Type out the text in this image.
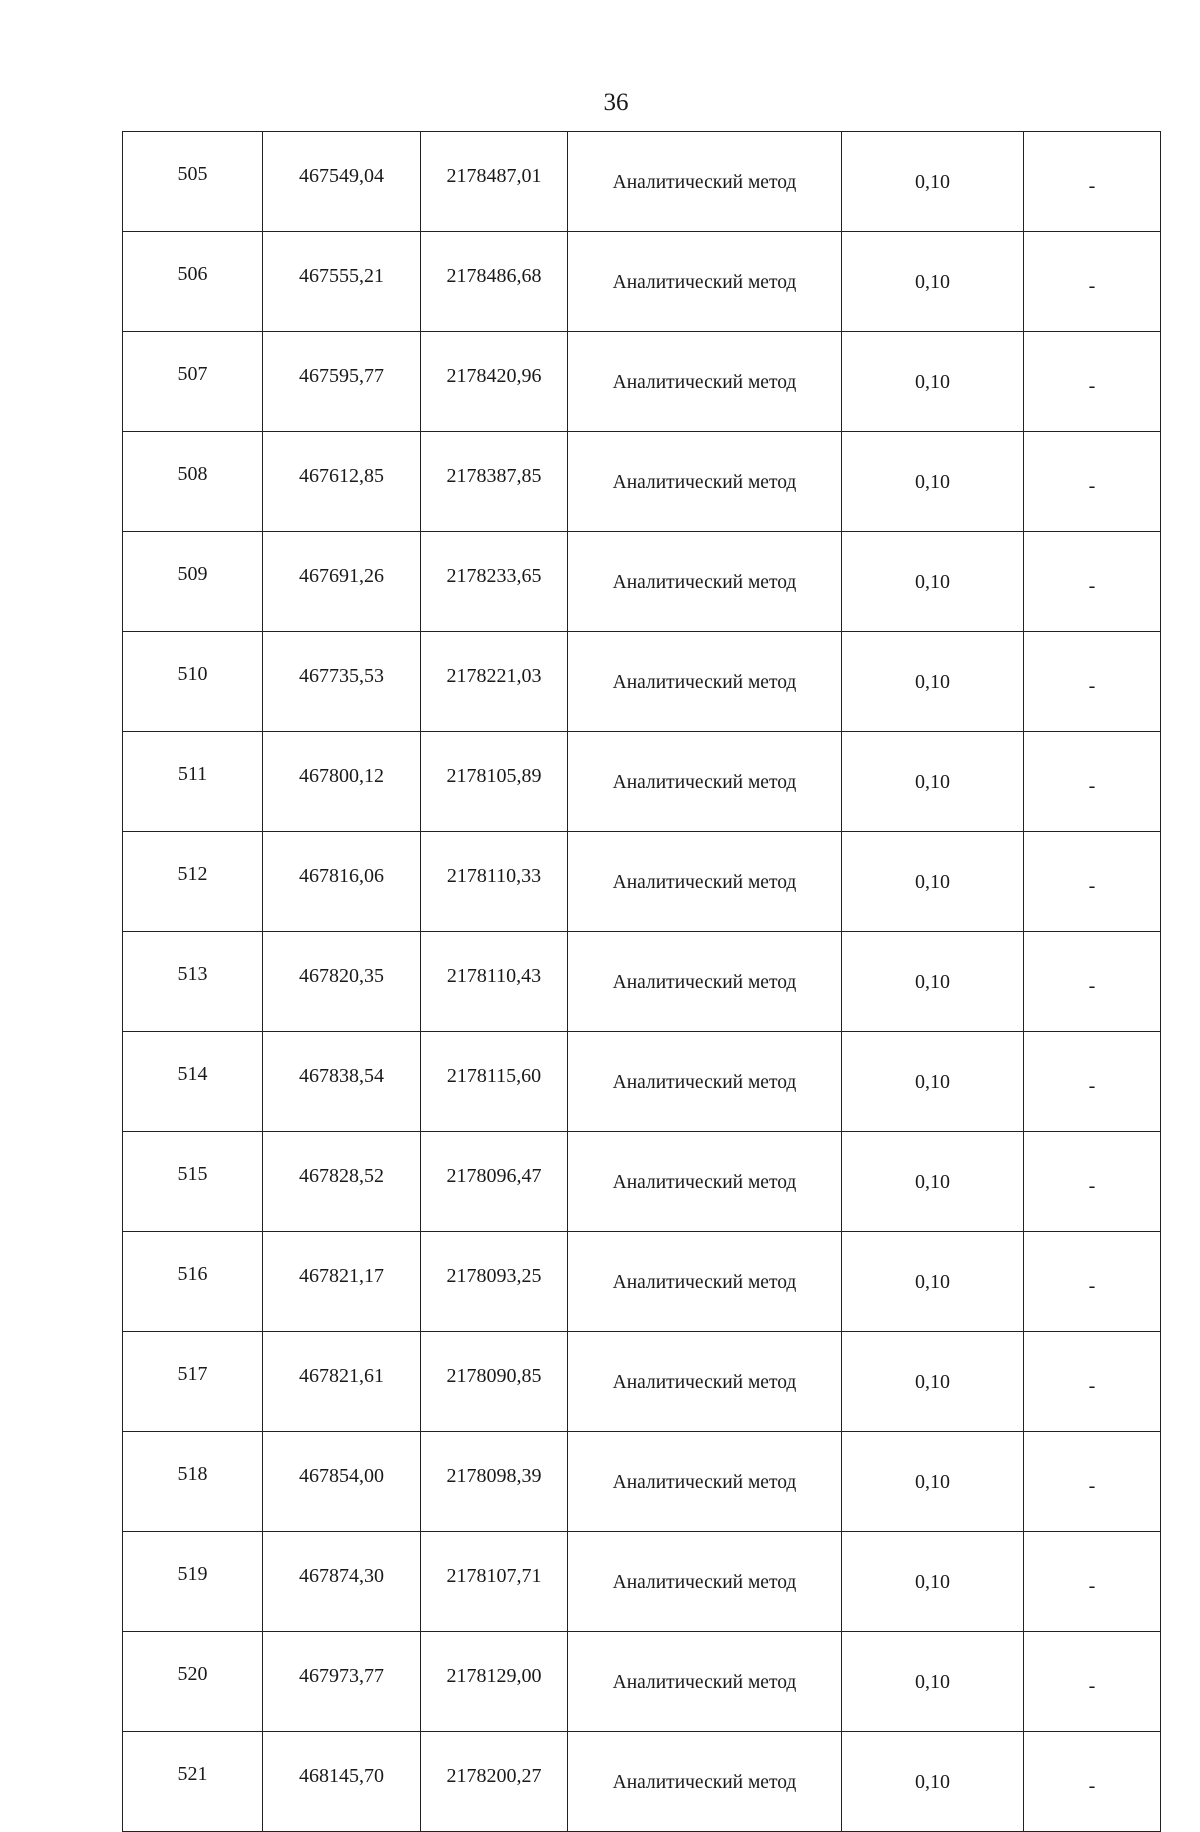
36
505	467549,04	2178487,01	Аналитический метод	0,10	-
506	467555,21	2178486,68	Аналитический метод	0,10	-
507	467595,77	2178420,96	Аналитический метод	0,10	-
508	467612,85	2178387,85	Аналитический метод	0,10	-
509	467691,26	2178233,65	Аналитический метод	0,10	-
510	467735,53	2178221,03	Аналитический метод	0,10	-
511	467800,12	2178105,89	Аналитический метод	0,10	-
512	467816,06	2178110,33	Аналитический метод	0,10	-
513	467820,35	2178110,43	Аналитический метод	0,10	-
514	467838,54	2178115,60	Аналитический метод	0,10	-
515	467828,52	2178096,47	Аналитический метод	0,10	-
516	467821,17	2178093,25	Аналитический метод	0,10	-
517	467821,61	2178090,85	Аналитический метод	0,10	-
518	467854,00	2178098,39	Аналитический метод	0,10	-
519	467874,30	2178107,71	Аналитический метод	0,10	-
520	467973,77	2178129,00	Аналитический метод	0,10	-
521	468145,70	2178200,27	Аналитический метод	0,10	-
